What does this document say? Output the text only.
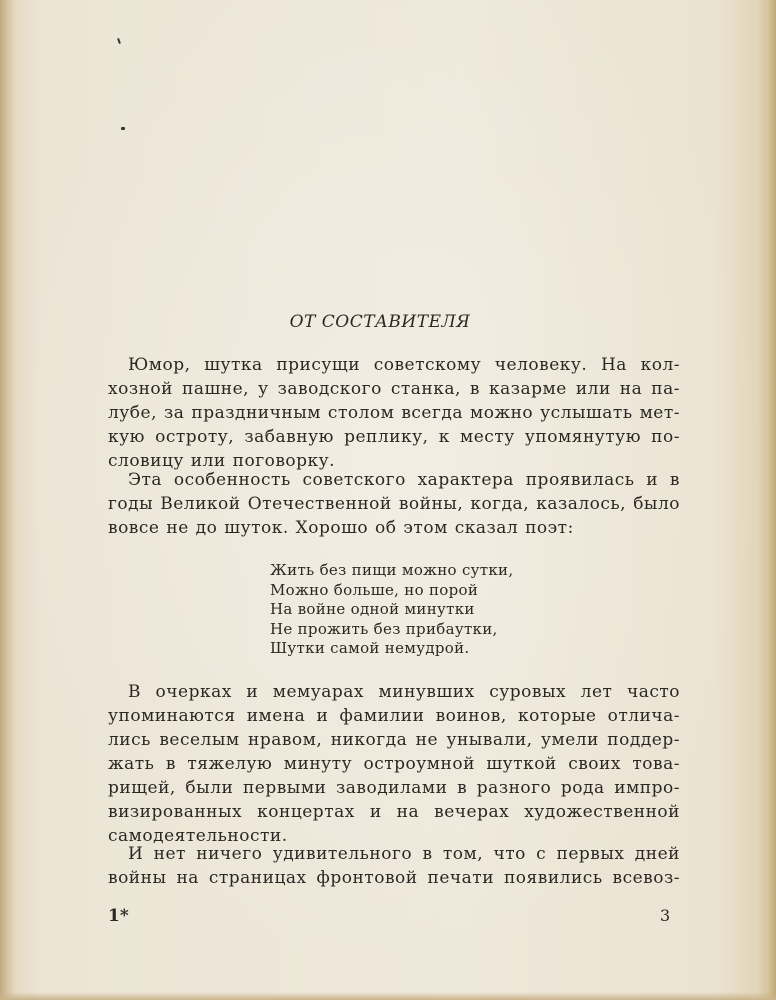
ОТ СОСТАВИТЕЛЯ
Юмор, шутка присущи советскому человеку. На кол-
хозной пашне, у заводского станка, в казарме или на па-
лубе, за праздничным столом всегда можно услышать мет-
кую остроту, забавную реплику, к месту упомянутую по-
словицу или поговорку.
Эта особенность советского характера проявилась и в
годы Великой Отечественной войны, когда, казалось, было
вовсе не до шуток. Хорошо об этом сказал поэт:
Жить без пищи можно сутки,
Можно больше, но порой
На войне одной минутки
Не прожить без прибаутки,
Шутки самой немудрой.
В очерках и мемуарах минувших суровых лет часто
упоминаются имена и фамилии воинов, которые отлича-
лись веселым нравом, никогда не унывали, умели поддер-
жать в тяжелую минуту остроумной шуткой своих това-
рищей, были первыми заводилами в разного рода импро-
визированных концертах и на вечерах художественной
самодеятельности.
И нет ничего удивительного в том, что с первых дней
войны на страницах фронтовой печати появились всевоз-
1*	3
